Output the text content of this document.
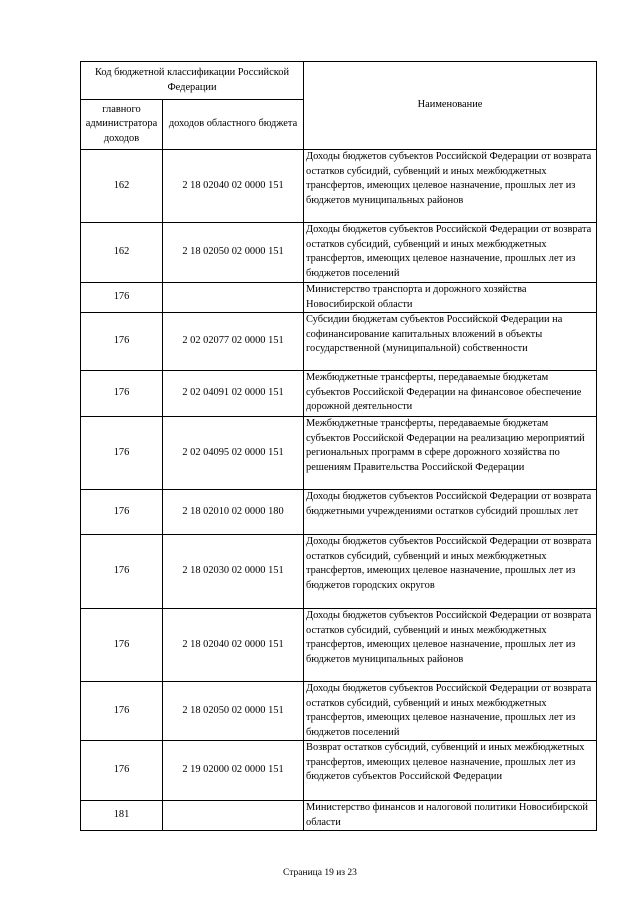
Код бюджетной классификации Российской Федерации		Наименование
главного администратора доходов	доходов областного бюджета	
162	2 18 02040 02 0000 151	Доходы бюджетов субъектов Российской Федерации от возврата остатков субсидий, субвенций и иных межбюджетных трансфертов, имеющих целевое назначение, прошлых лет из бюджетов муниципальных районов
162	2 18 02050 02 0000 151	Доходы бюджетов субъектов Российской Федерации от возврата остатков субсидий, субвенций и иных межбюджетных трансфертов, имеющих целевое назначение, прошлых лет из бюджетов поселений
176		Министерство транспорта и дорожного хозяйства Новосибирской области
176	2 02 02077 02 0000 151	Субсидии бюджетам субъектов Российской Федерации на софинансирование капитальных вложений в объекты государственной (муниципальной) собственности
176	2 02 04091 02 0000 151	Межбюджетные трансферты, передаваемые бюджетам субъектов Российской Федерации на финансовое обеспечение дорожной деятельности
176	2 02 04095 02 0000 151	Межбюджетные трансферты, передаваемые бюджетам субъектов Российской Федерации на реализацию мероприятий региональных программ в сфере дорожного хозяйства по решениям Правительства Российской Федерации
176	2 18 02010 02 0000 180	Доходы бюджетов субъектов Российской Федерации от возврата бюджетными учреждениями остатков субсидий прошлых лет
176	2 18 02030 02 0000 151	Доходы бюджетов субъектов Российской Федерации от возврата остатков субсидий, субвенций и иных межбюджетных трансфертов, имеющих целевое назначение, прошлых лет из бюджетов городских округов
176	2 18 02040 02 0000 151	Доходы бюджетов субъектов Российской Федерации от возврата остатков субсидий, субвенций и иных межбюджетных трансфертов, имеющих целевое назначение, прошлых лет из бюджетов муниципальных районов
176	2 18 02050 02 0000 151	Доходы бюджетов субъектов Российской Федерации от возврата остатков субсидий, субвенций и иных межбюджетных трансфертов, имеющих целевое назначение, прошлых лет из бюджетов поселений
176	2 19 02000 02 0000 151	Возврат остатков субсидий, субвенций и иных межбюджетных трансфертов, имеющих целевое назначение, прошлых лет из бюджетов субъектов Российской Федерации
181		Министерство финансов и налоговой политики Новосибирской области
Страница 19 из 23
